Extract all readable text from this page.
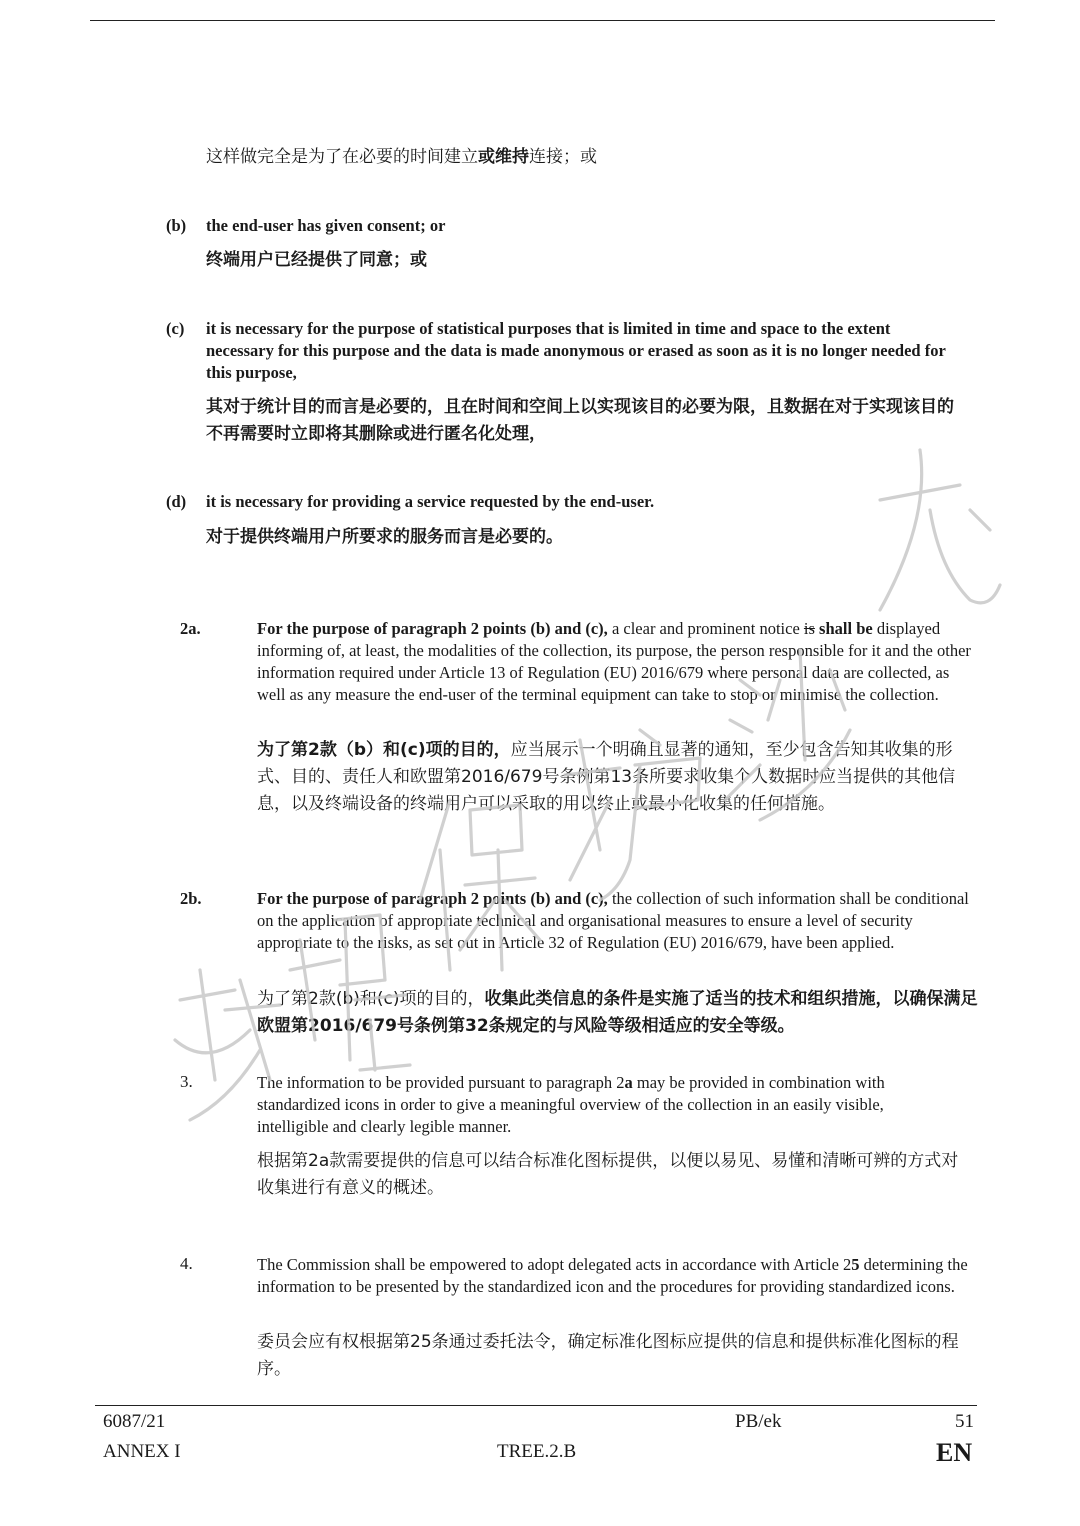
这样做完全是为了在必要的时间建立或维持连接；或
(b) the end-user has given consent; or
终端用户已经提供了同意；或
(c) it is necessary for the purpose of statistical purposes that is limited in time and space to the extent necessary for this purpose and the data is made anonymous or erased as soon as it is no longer needed for this purpose,
其对于统计目的而言是必要的，且在时间和空间上以实现该目的必要为限，且数据在对于实现该目的不再需要时立即将其删除或进行匿名化处理，
(d) it is necessary for providing a service requested by the end-user.
对于提供终端用户所要求的服务而言是必要的。
2a.	For the purpose of paragraph 2 points (b) and (c), a clear and prominent notice is shall be displayed informing of, at least, the modalities of the collection, its purpose, the person responsible for it and the other information required under Article 13 of Regulation (EU) 2016/679 where personal data are collected, as well as any measure the end-user of the terminal equipment can take to stop or minimise the collection.
为了第2款（b）和(c)项的目的，应当展示一个明确且显著的通知，至少包含告知其收集的形式、目的、责任人和欧盟第2016/679号条例第13条所要求收集个人数据时应当提供的其他信息，以及终端设备的终端用户可以采取的用以终止或最小化收集的任何措施。
2b.	For the purpose of paragraph 2 points (b) and (c), the collection of such information shall be conditional on the application of appropriate technical and organisational measures to ensure a level of security appropriate to the risks, as set out in Article 32 of Regulation (EU) 2016/679, have been applied.
为了第2款(b)和(c)项的目的，收集此类信息的条件是实施了适当的技术和组织措施，以确保满足欧盟第2016/679号条例第32条规定的与风险等级相适应的安全等级。
3.	The information to be provided pursuant to paragraph 2a may be provided in combination with standardized icons in order to give a meaningful overview of the collection in an easily visible, intelligible and clearly legible manner.
根据第2a款需要提供的信息可以结合标准化图标提供，以便以易见、易懂和清晰可辨的方式对收集进行有意义的概述。
4.	The Commission shall be empowered to adopt delegated acts in accordance with Article 25 determining the information to be presented by the standardized icon and the procedures for providing standardized icons.
委员会应有权根据第25条通过委托法令，确定标准化图标应提供的信息和提供标准化图标的程序。
6087/21
ANNEX I
PB/ek
TREE.2.B
51
EN
